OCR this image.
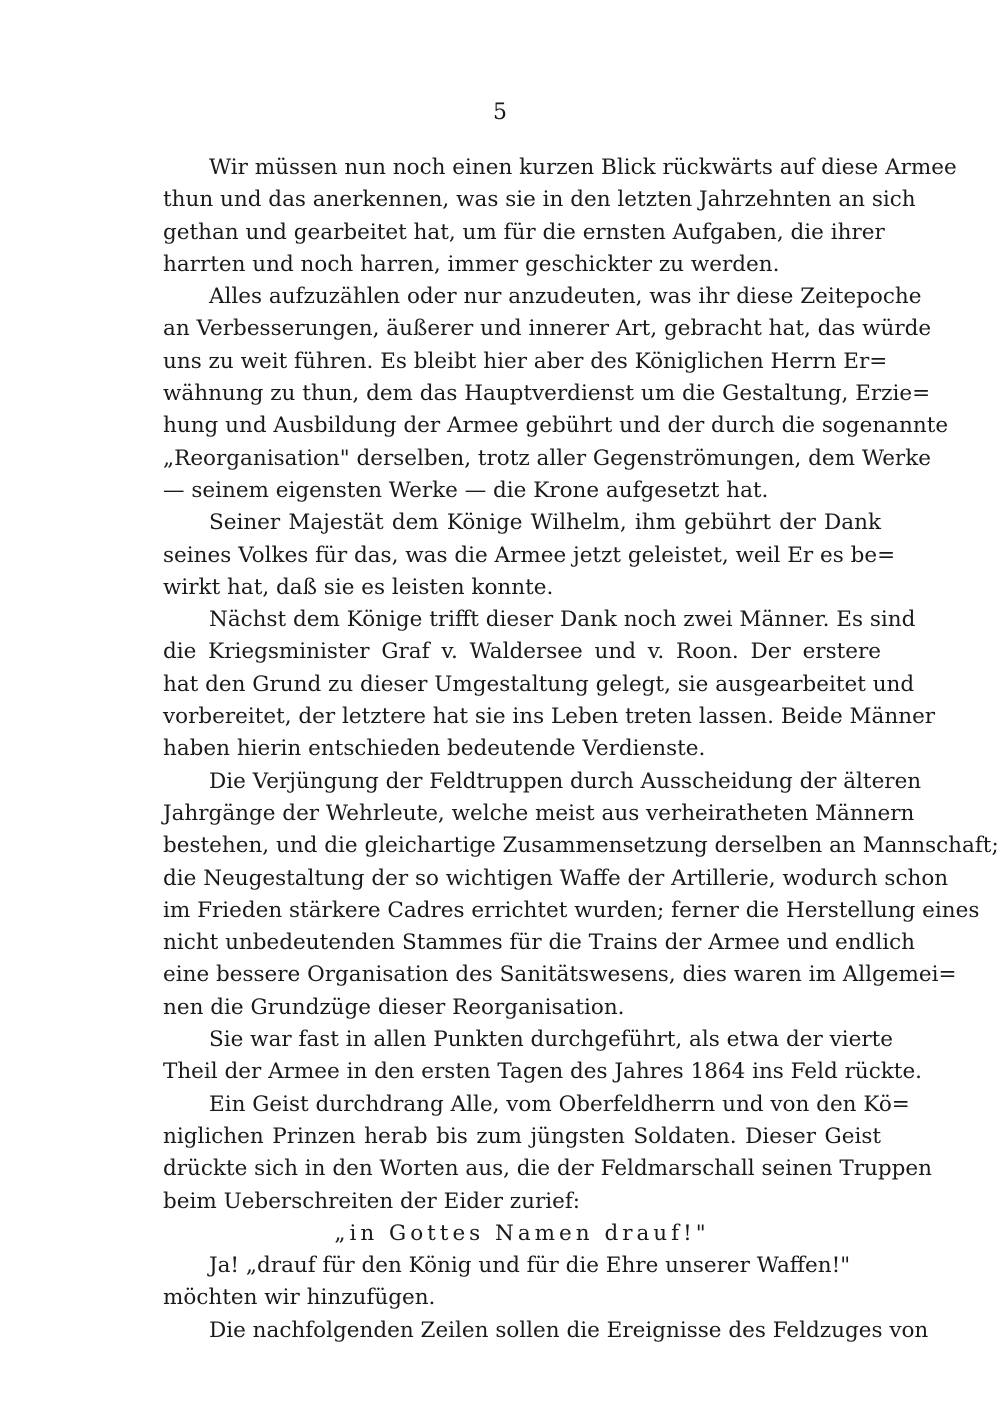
5
Wir müssen nun noch einen kurzen Blick rückwärts auf diese Armee
thun und das anerkennen, was sie in den letzten Jahrzehnten an sich
gethan und gearbeitet hat, um für die ernsten Aufgaben, die ihrer
harrten und noch harren, immer geschickter zu werden.
Alles aufzuzählen oder nur anzudeuten, was ihr diese Zeitepoche
an Verbesserungen, äußerer und innerer Art, gebracht hat, das würde
uns zu weit führen. Es bleibt hier aber des Königlichen Herrn Er=
wähnung zu thun, dem das Hauptverdienst um die Gestaltung, Erzie=
hung und Ausbildung der Armee gebührt und der durch die sogenannte
„Reorganisation" derselben, trotz aller Gegenströmungen, dem Werke
— seinem eigensten Werke — die Krone aufgesetzt hat.
Seiner Majestät dem Könige Wilhelm, ihm gebührt der Dank
seines Volkes für das, was die Armee jetzt geleistet, weil Er es be=
wirkt hat, daß sie es leisten konnte.
Nächst dem Könige trifft dieser Dank noch zwei Männer. Es sind
die Kriegsminister Graf v. Waldersee und v. Roon. Der erstere
hat den Grund zu dieser Umgestaltung gelegt, sie ausgearbeitet und
vorbereitet, der letztere hat sie ins Leben treten lassen. Beide Männer
haben hierin entschieden bedeutende Verdienste.
Die Verjüngung der Feldtruppen durch Ausscheidung der älteren
Jahrgänge der Wehrleute, welche meist aus verheiratheten Männern
bestehen, und die gleichartige Zusammensetzung derselben an Mannschaft;
die Neugestaltung der so wichtigen Waffe der Artillerie, wodurch schon
im Frieden stärkere Cadres errichtet wurden; ferner die Herstellung eines
nicht unbedeutenden Stammes für die Trains der Armee und endlich
eine bessere Organisation des Sanitätswesens, dies waren im Allgemei=
nen die Grundzüge dieser Reorganisation.
Sie war fast in allen Punkten durchgeführt, als etwa der vierte
Theil der Armee in den ersten Tagen des Jahres 1864 ins Feld rückte.
Ein Geist durchdrang Alle, vom Oberfeldherrn und von den Kö=
niglichen Prinzen herab bis zum jüngsten Soldaten. Dieser Geist
drückte sich in den Worten aus, die der Feldmarschall seinen Truppen
beim Ueberschreiten der Eider zurief:
„in Gottes Namen drauf!"
Ja! „drauf für den König und für die Ehre unserer Waffen!"
möchten wir hinzufügen.
Die nachfolgenden Zeilen sollen die Ereignisse des Feldzuges von
